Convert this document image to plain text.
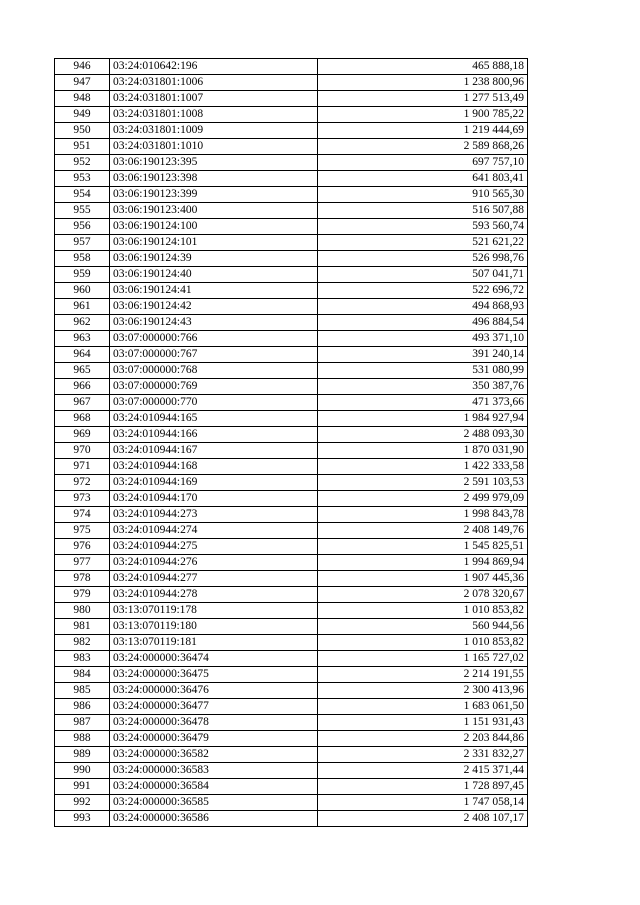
946	03:24:010642:196	465 888,18
947	03:24:031801:1006	1 238 800,96
948	03:24:031801:1007	1 277 513,49
949	03:24:031801:1008	1 900 785,22
950	03:24:031801:1009	1 219 444,69
951	03:24:031801:1010	2 589 868,26
952	03:06:190123:395	697 757,10
953	03:06:190123:398	641 803,41
954	03:06:190123:399	910 565,30
955	03:06:190123:400	516 507,88
956	03:06:190124:100	593 560,74
957	03:06:190124:101	521 621,22
958	03:06:190124:39	526 998,76
959	03:06:190124:40	507 041,71
960	03:06:190124:41	522 696,72
961	03:06:190124:42	494 868,93
962	03:06:190124:43	496 884,54
963	03:07:000000:766	493 371,10
964	03:07:000000:767	391 240,14
965	03:07:000000:768	531 080,99
966	03:07:000000:769	350 387,76
967	03:07:000000:770	471 373,66
968	03:24:010944:165	1 984 927,94
969	03:24:010944:166	2 488 093,30
970	03:24:010944:167	1 870 031,90
971	03:24:010944:168	1 422 333,58
972	03:24:010944:169	2 591 103,53
973	03:24:010944:170	2 499 979,09
974	03:24:010944:273	1 998 843,78
975	03:24:010944:274	2 408 149,76
976	03:24:010944:275	1 545 825,51
977	03:24:010944:276	1 994 869,94
978	03:24:010944:277	1 907 445,36
979	03:24:010944:278	2 078 320,67
980	03:13:070119:178	1 010 853,82
981	03:13:070119:180	560 944,56
982	03:13:070119:181	1 010 853,82
983	03:24:000000:36474	1 165 727,02
984	03:24:000000:36475	2 214 191,55
985	03:24:000000:36476	2 300 413,96
986	03:24:000000:36477	1 683 061,50
987	03:24:000000:36478	1 151 931,43
988	03:24:000000:36479	2 203 844,86
989	03:24:000000:36582	2 331 832,27
990	03:24:000000:36583	2 415 371,44
991	03:24:000000:36584	1 728 897,45
992	03:24:000000:36585	1 747 058,14
993	03:24:000000:36586	2 408 107,17
